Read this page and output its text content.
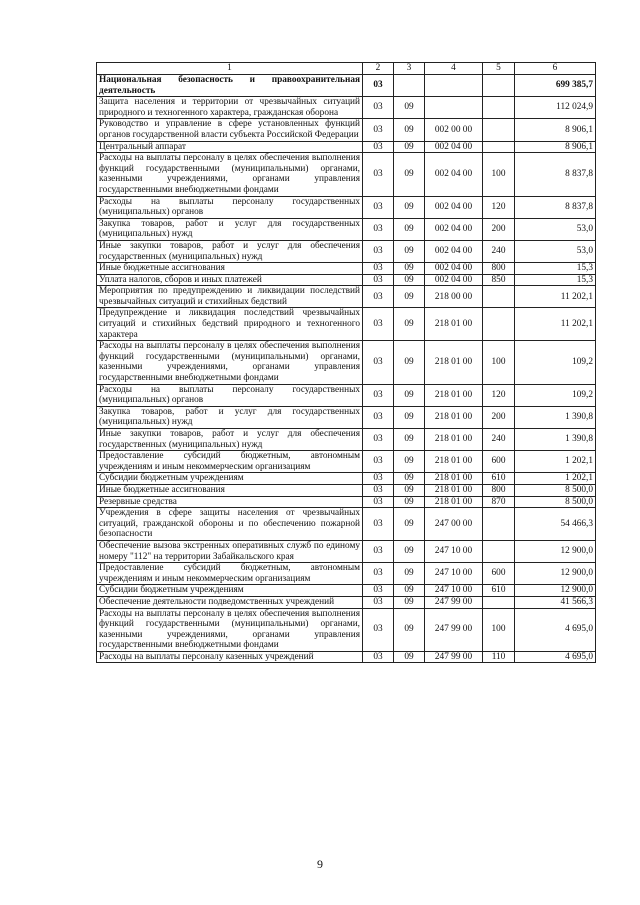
1	2	3	4	5	6
Национальная безопасность и правоохранительная деятельность	03				699 385,7
Защита населения и территории от чрезвычайных ситуаций природного и техногенного характера, гражданская оборона	03	09			112 024,9
Руководство и управление в сфере установленных функций органов государственной власти субъекта Российской Федерации	03	09	002 00 00		8 906,1
Центральный аппарат	03	09	002 04 00		8 906,1
Расходы на выплаты персоналу в целях обеспечения выполнения функций государственными (муниципальными) органами, казенными учреждениями, органами управления государственными внебюджетными фондами	03	09	002 04 00	100	8 837,8
Расходы на выплаты персоналу государственных (муниципальных) органов	03	09	002 04 00	120	8 837,8
Закупка товаров, работ и услуг для государственных (муниципальных) нужд	03	09	002 04 00	200	53,0
Иные закупки товаров, работ и услуг для обеспечения государственных (муниципальных) нужд	03	09	002 04 00	240	53,0
Иные бюджетные ассигнования	03	09	002 04 00	800	15,3
Уплата налогов, сборов и иных платежей	03	09	002 04 00	850	15,3
Мероприятия по предупреждению и ликвидации последствий чрезвычайных ситуаций и стихийных бедствий	03	09	218 00 00		11 202,1
Предупреждение и ликвидация последствий чрезвычайных ситуаций и стихийных бедствий природного и техногенного характера	03	09	218 01 00		11 202,1
Расходы на выплаты персоналу в целях обеспечения выполнения функций государственными (муниципальными) органами, казенными учреждениями, органами управления государственными внебюджетными фондами	03	09	218 01 00	100	109,2
Расходы на выплаты персоналу государственных (муниципальных) органов	03	09	218 01 00	120	109,2
Закупка товаров, работ и услуг для государственных (муниципальных) нужд	03	09	218 01 00	200	1 390,8
Иные закупки товаров, работ и услуг для обеспечения государственных (муниципальных) нужд	03	09	218 01 00	240	1 390,8
Предоставление субсидий бюджетным, автономным учреждениям и иным некоммерческим организациям	03	09	218 01 00	600	1 202,1
Субсидии бюджетным учреждениям	03	09	218 01 00	610	1 202,1
Иные бюджетные ассигнования	03	09	218 01 00	800	8 500,0
Резервные средства	03	09	218 01 00	870	8 500,0
Учреждения в сфере защиты населения от чрезвычайных ситуаций, гражданской обороны и по обеспечению пожарной безопасности	03	09	247 00 00		54 466,3
Обеспечение вызова экстренных оперативных служб по единому номеру "112" на территории Забайкальского края	03	09	247 10 00		12 900,0
Предоставление субсидий бюджетным, автономным учреждениям и иным некоммерческим организациям	03	09	247 10 00	600	12 900,0
Субсидии бюджетным учреждениям	03	09	247 10 00	610	12 900,0
Обеспечение деятельности подведомственных учреждений	03	09	247 99 00		41 566,3
Расходы на выплаты персоналу в целях обеспечения выполнения функций государственными (муниципальными) органами, казенными учреждениями, органами управления государственными внебюджетными фондами	03	09	247 99 00	100	4 695,0
Расходы на выплаты персоналу казенных учреждений	03	09	247 99 00	110	4 695,0
9
